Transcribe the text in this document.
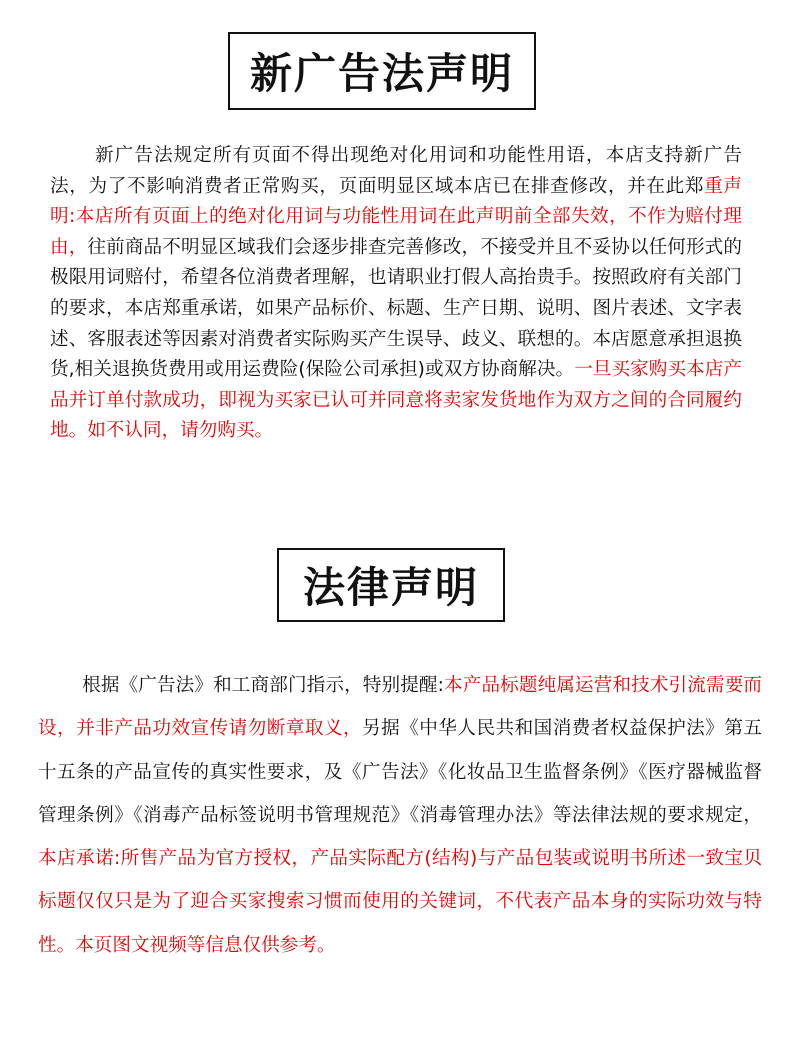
新广告法声明

新广告法规定所有页面不得出现绝对化用词和功能性用语，本店支持新广告法，为了不影响消费者正常购买，页面明显区域本店已在排查修改，并在此郑重声明:本店所有页面上的绝对化用词与功能性用词在此声明前全部失效，不作为赔付理由，往前商品不明显区域我们会逐步排查完善修改，不接受并且不妥协以任何形式的极限用词赔付，希望各位消费者理解，也请职业打假人高抬贵手。按照政府有关部门的要求，本店郑重承诺，如果产品标价、标题、生产日期、说明、图片表述、文字表述、客服表述等因素对消费者实际购买产生误导、歧义、联想的。本店愿意承担退换货,相关退换货费用或用运费险(保险公司承担)或双方协商解决。一旦买家购买本店产品并订单付款成功，即视为买家已认可并同意将卖家发货地作为双方之间的合同履约地。如不认同，请勿购买。

法律声明

根据《广告法》和工商部门指示，特别提醒:本产品标题纯属运营和技术引流需要而设，并非产品功效宣传请勿断章取义，另据《中华人民共和国消费者权益保护法》第五十五条的产品宣传的真实性要求，及《广告法》《化妆品卫生监督条例》《医疗器械监督管理条例》《消毒产品标签说明书管理规范》《消毒管理办法》等法律法规的要求规定，本店承诺:所售产品为官方授权，产品实际配方(结构)与产品包装或说明书所述一致宝贝标题仅仅只是为了迎合买家搜索习惯而使用的关键词，不代表产品本身的实际功效与特性。本页图文视频等信息仅供参考。
